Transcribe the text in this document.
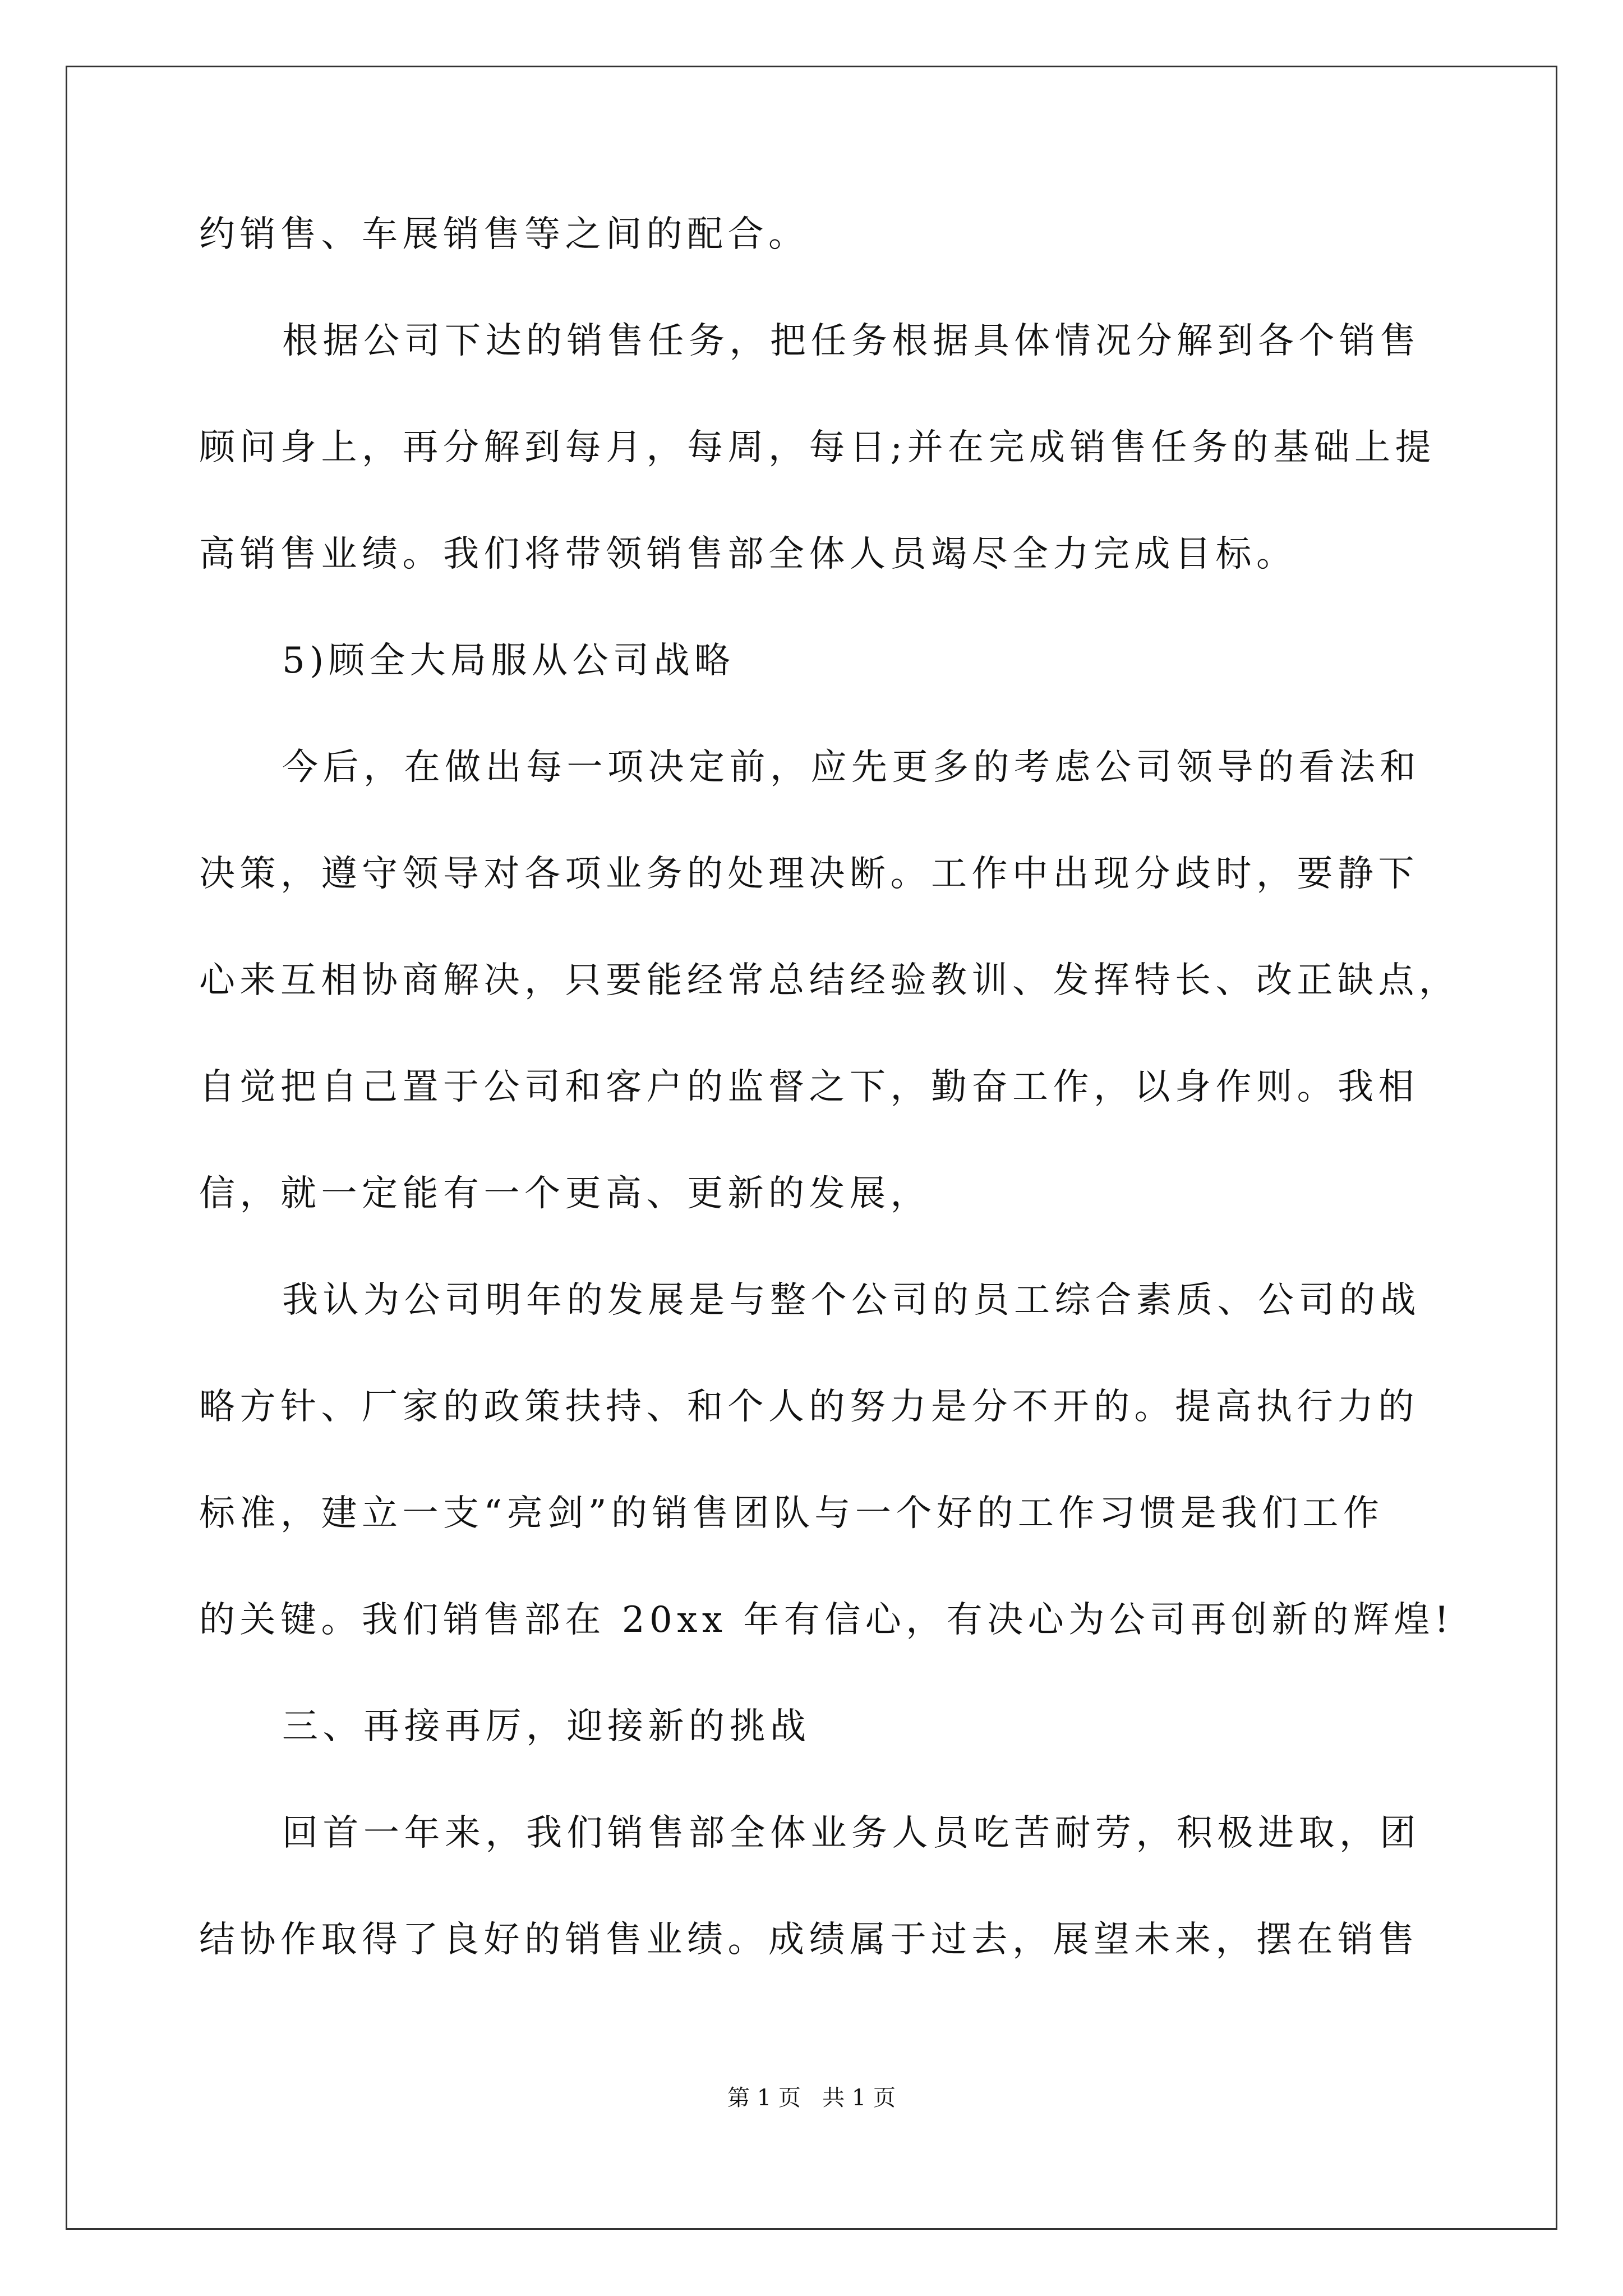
约销售、车展销售等之间的配合。
根据公司下达的销售任务，把任务根据具体情况分解到各个销售
顾问身上，再分解到每月，每周，每日;并在完成销售任务的基础上提
高销售业绩。我们将带领销售部全体人员竭尽全力完成目标。
5)顾全大局服从公司战略
今后，在做出每一项决定前，应先更多的考虑公司领导的看法和
决策，遵守领导对各项业务的处理决断。工作中出现分歧时，要静下
心来互相协商解决，只要能经常总结经验教训、发挥特长、改正缺点，
自觉把自己置于公司和客户的监督之下，勤奋工作，以身作则。我相
信，就一定能有一个更高、更新的发展，
我认为公司明年的发展是与整个公司的员工综合素质、公司的战
略方针、厂家的政策扶持、和个人的努力是分不开的。提高执行力的
标准，建立一支“亮剑”的销售团队与一个好的工作习惯是我们工作
的关键。我们销售部在 20xx 年有信心，有决心为公司再创新的辉煌!
三、再接再厉，迎接新的挑战
回首一年来，我们销售部全体业务人员吃苦耐劳，积极进取，团
结协作取得了良好的销售业绩。成绩属于过去，展望未来，摆在销售
第 1 页   共 1 页
